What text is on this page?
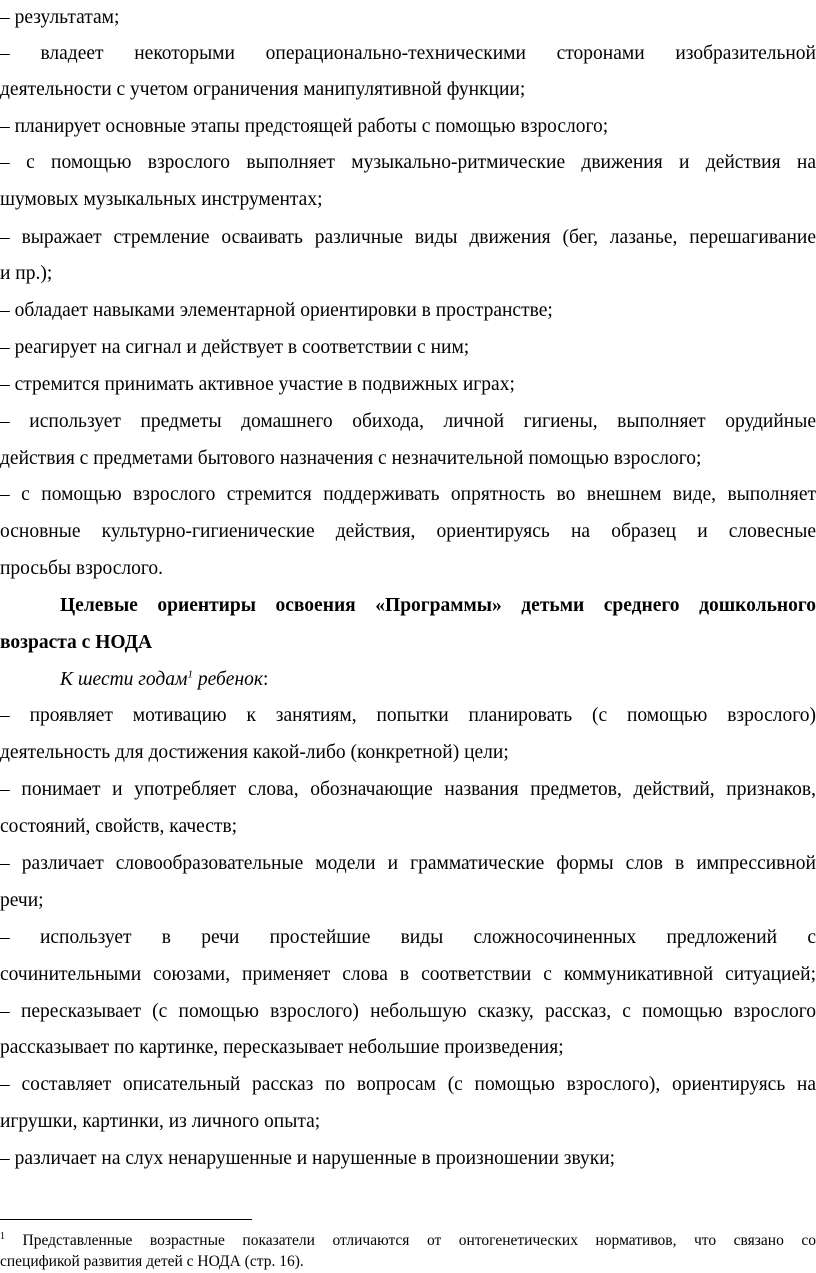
– результатам;
– владеет некоторыми операционально-техническими сторонами изобразительной
деятельности с учетом ограничения манипулятивной функции;
– планирует основные этапы предстоящей работы с помощью взрослого;
– с помощью взрослого выполняет музыкально-ритмические движения и действия на
шумовых музыкальных инструментах;
– выражает стремление осваивать различные виды движения (бег, лазанье, перешагивание
и пр.);
– обладает навыками элементарной ориентировки в пространстве;
– реагирует на сигнал и действует в соответствии с ним;
– стремится принимать активное участие в подвижных играх;
– использует предметы домашнего обихода, личной гигиены, выполняет орудийные
действия с предметами бытового назначения с незначительной помощью взрослого;
– с помощью взрослого стремится поддерживать опрятность во внешнем виде, выполняет
основные культурно-гигиенические действия, ориентируясь на образец и словесные
просьбы взрослого.
Целевые ориентиры освоения «Программы» детьми среднего дошкольного
возраста с НОДА
К шести годам$^1$ ребенок:
– проявляет мотивацию к занятиям, попытки планировать (с помощью взрослого)
деятельность для достижения какой-либо (конкретной) цели;
– понимает и употребляет слова, обозначающие названия предметов, действий, признаков,
состояний, свойств, качеств;
– различает словообразовательные модели и грамматические формы слов в импрессивной
речи;
– использует в речи простейшие виды сложносочиненных предложений с
сочинительными союзами, применяет слова в соответствии с коммуникативной ситуацией;
– пересказывает (с помощью взрослого) небольшую сказку, рассказ, с помощью взрослого
рассказывает по картинке, пересказывает небольшие произведения;
– составляет описательный рассказ по вопросам (с помощью взрослого), ориентируясь на
игрушки, картинки, из личного опыта;
– различает на слух ненарушенные и нарушенные в произношении звуки;
$^1$ Представленные возрастные показатели отличаются от онтогенетических нормативов, что связано со
спецификой развития детей с НОДА (стр. 16).
